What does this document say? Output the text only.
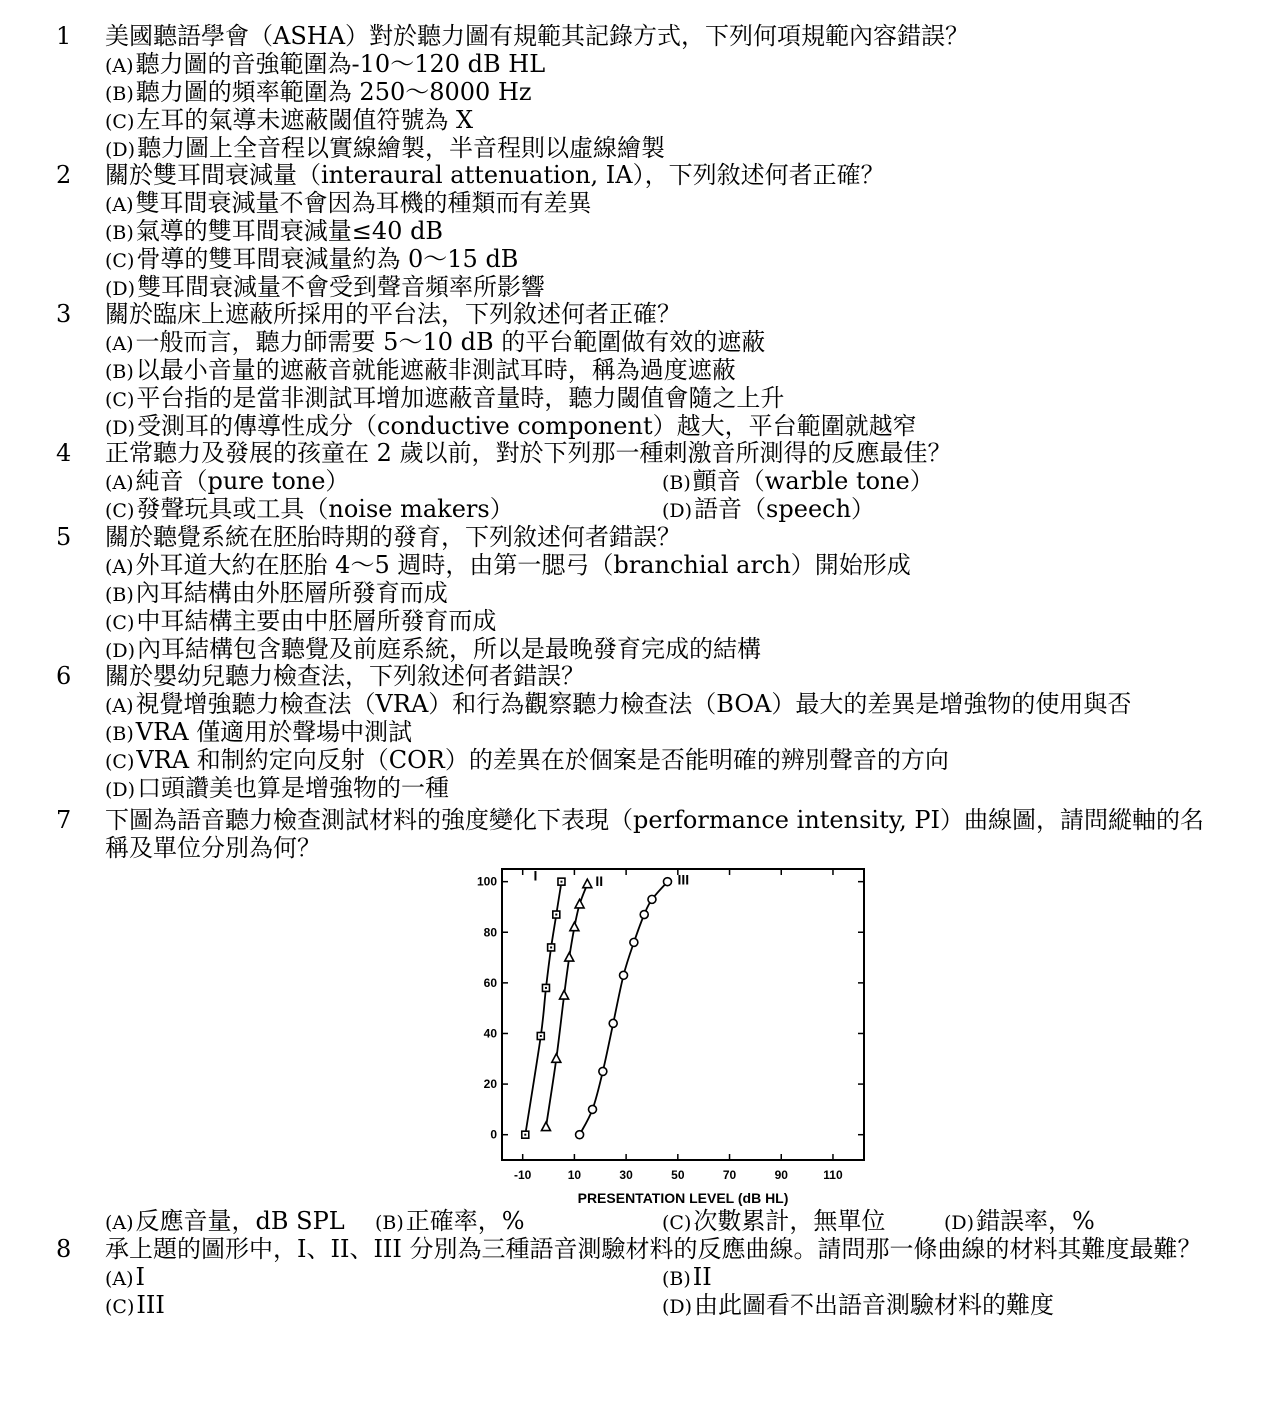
1 美國聽語學會（ASHA）對於聽力圖有規範其記錄方式，下列何項規範內容錯誤？
(A)聽力圖的音強範圍為-10～120 dB HL
(B)聽力圖的頻率範圍為 250～8000 Hz
(C)左耳的氣導未遮蔽閾值符號為 X
(D)聽力圖上全音程以實線繪製，半音程則以虛線繪製
2 關於雙耳間衰減量（interaural attenuation, IA），下列敘述何者正確？
(A)雙耳間衰減量不會因為耳機的種類而有差異
(B)氣導的雙耳間衰減量≤40 dB
(C)骨導的雙耳間衰減量約為 0～15 dB
(D)雙耳間衰減量不會受到聲音頻率所影響
3 關於臨床上遮蔽所採用的平台法，下列敘述何者正確？
(A)一般而言，聽力師需要 5～10 dB 的平台範圍做有效的遮蔽
(B)以最小音量的遮蔽音就能遮蔽非測試耳時，稱為過度遮蔽
(C)平台指的是當非測試耳增加遮蔽音量時，聽力閾值會隨之上升
(D)受測耳的傳導性成分（conductive component）越大，平台範圍就越窄
4 正常聽力及發展的孩童在 2 歲以前，對於下列那一種刺激音所測得的反應最佳？
(A)純音（pure tone）	(B)顫音（warble tone）
(C)發聲玩具或工具（noise makers）	(D)語音（speech）
5 關於聽覺系統在胚胎時期的發育，下列敘述何者錯誤？
(A)外耳道大約在胚胎 4～5 週時，由第一腮弓（branchial arch）開始形成
(B)內耳結構由外胚層所發育而成
(C)中耳結構主要由中胚層所發育而成
(D)內耳結構包含聽覺及前庭系統，所以是最晚發育完成的結構
6 關於嬰幼兒聽力檢查法，下列敘述何者錯誤？
(A)視覺增強聽力檢查法（VRA）和行為觀察聽力檢查法（BOA）最大的差異是增強物的使用與否
(B)VRA 僅適用於聲場中測試
(C)VRA 和制約定向反射（COR）的差異在於個案是否能明確的辨別聲音的方向
(D)口頭讚美也算是增強物的一種
7 下圖為語音聽力檢查測試材料的強度變化下表現（performance intensity, PI）曲線圖，請問縱軸的名
稱及單位分別為何？
0
20
40
60
80
100
-10	10	30	50	70	90	110
PRESENTATION LEVEL (dB HL)
I	II	III
(A)反應音量，dB SPL (B)正確率，%	(C)次數累計，無單位	(D)錯誤率，%
8 承上題的圖形中，I、II、III 分別為三種語音測驗材料的反應曲線。請問那一條曲線的材料其難度最難？
(A)I	(B)II
(C)III	(D)由此圖看不出語音測驗材料的難度
